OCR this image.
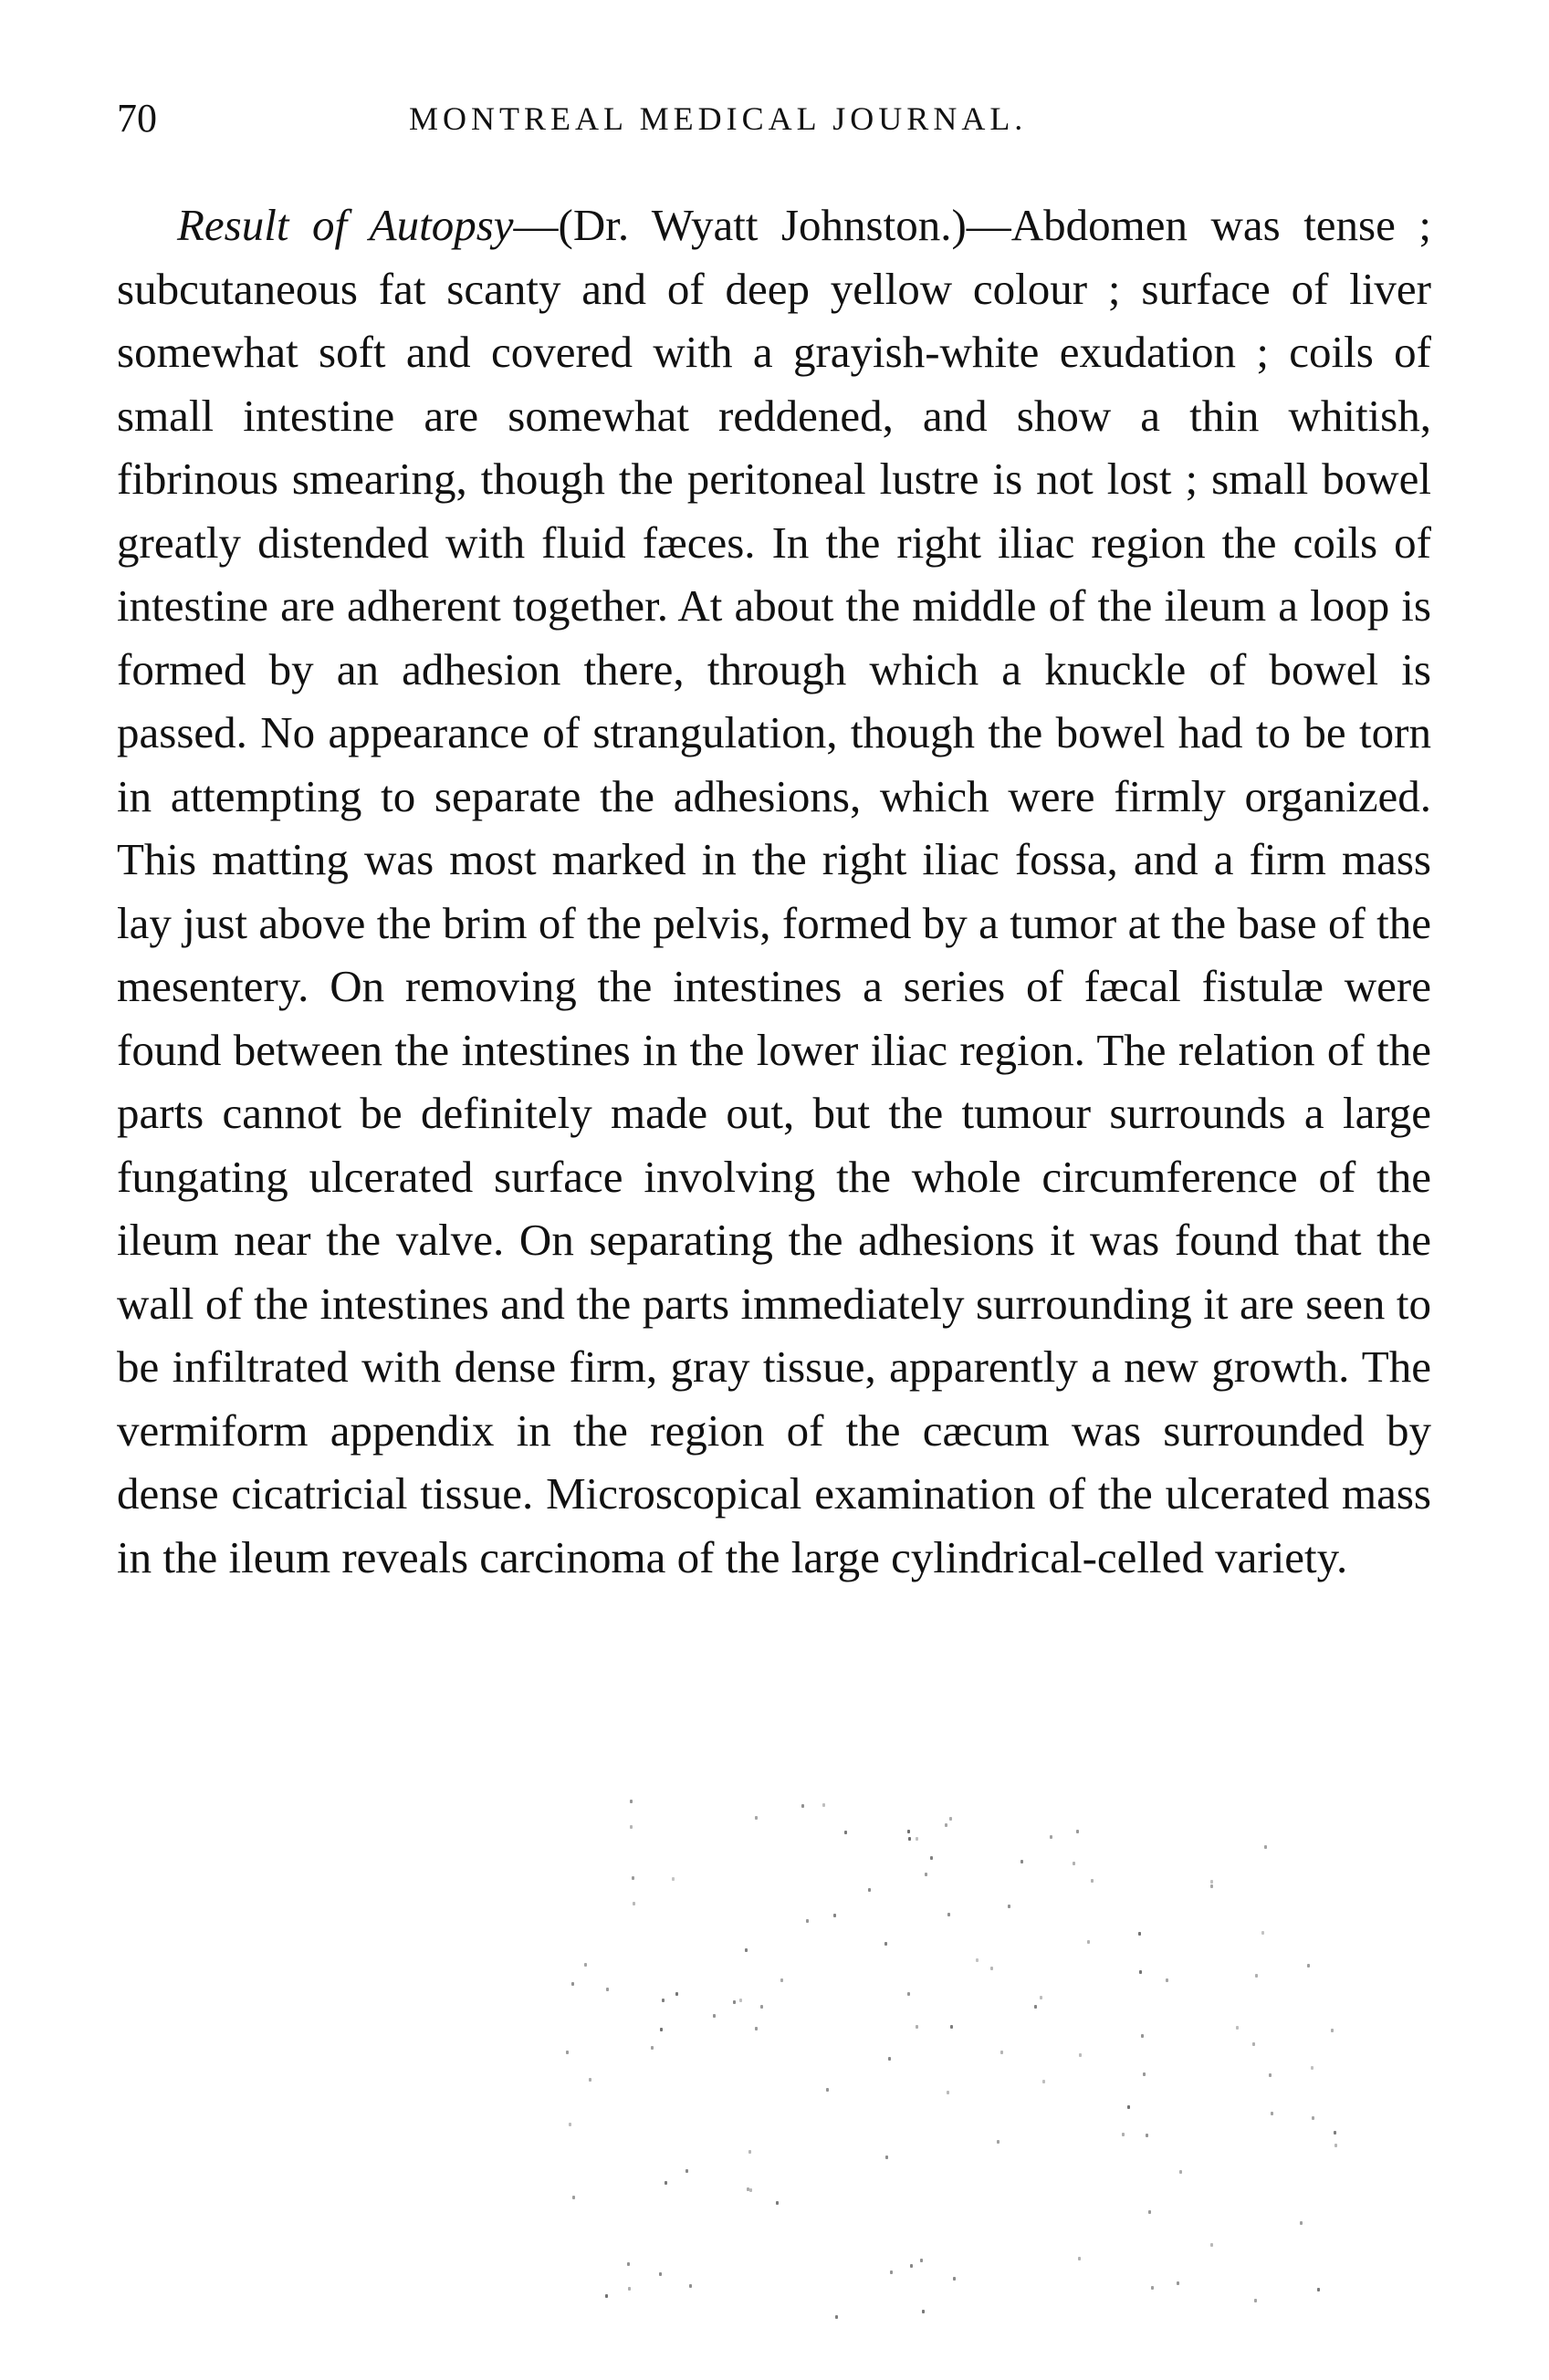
70	MONTREAL MEDICAL JOURNAL.

Result of Autopsy—(Dr. Wyatt Johnston.)—Abdomen was tense ; subcutaneous fat scanty and of deep yellow colour ; surface of liver somewhat soft and covered with a grayish-white exudation ; coils of small intestine are somewhat reddened, and show a thin whitish, fibrinous smearing, though the peritoneal lustre is not lost ; small bowel greatly distended with fluid fæces. In the right iliac region the coils of intestine are adherent together. At about the middle of the ileum a loop is formed by an adhesion there, through which a knuckle of bowel is passed. No appearance of strangulation, though the bowel had to be torn in attempting to separate the adhesions, which were firmly organized. This matting was most marked in the right iliac fossa, and a firm mass lay just above the brim of the pelvis, formed by a tumor at the base of the mesentery. On removing the intestines a series of fæcal fistulæ were found between the intestines in the lower iliac region. The relation of the parts cannot be definitely made out, but the tumour surrounds a large fungating ulcerated surface involving the whole circumference of the ileum near the valve. On separating the adhesions it was found that the wall of the intestines and the parts immediately surrounding it are seen to be infiltrated with dense firm, gray tissue, apparently a new growth. The vermiform appendix in the region of the cæcum was surrounded by dense cicatricial tissue. Microscopical examination of the ulcerated mass in the ileum reveals carcinoma of the large cylindrical-celled variety.
